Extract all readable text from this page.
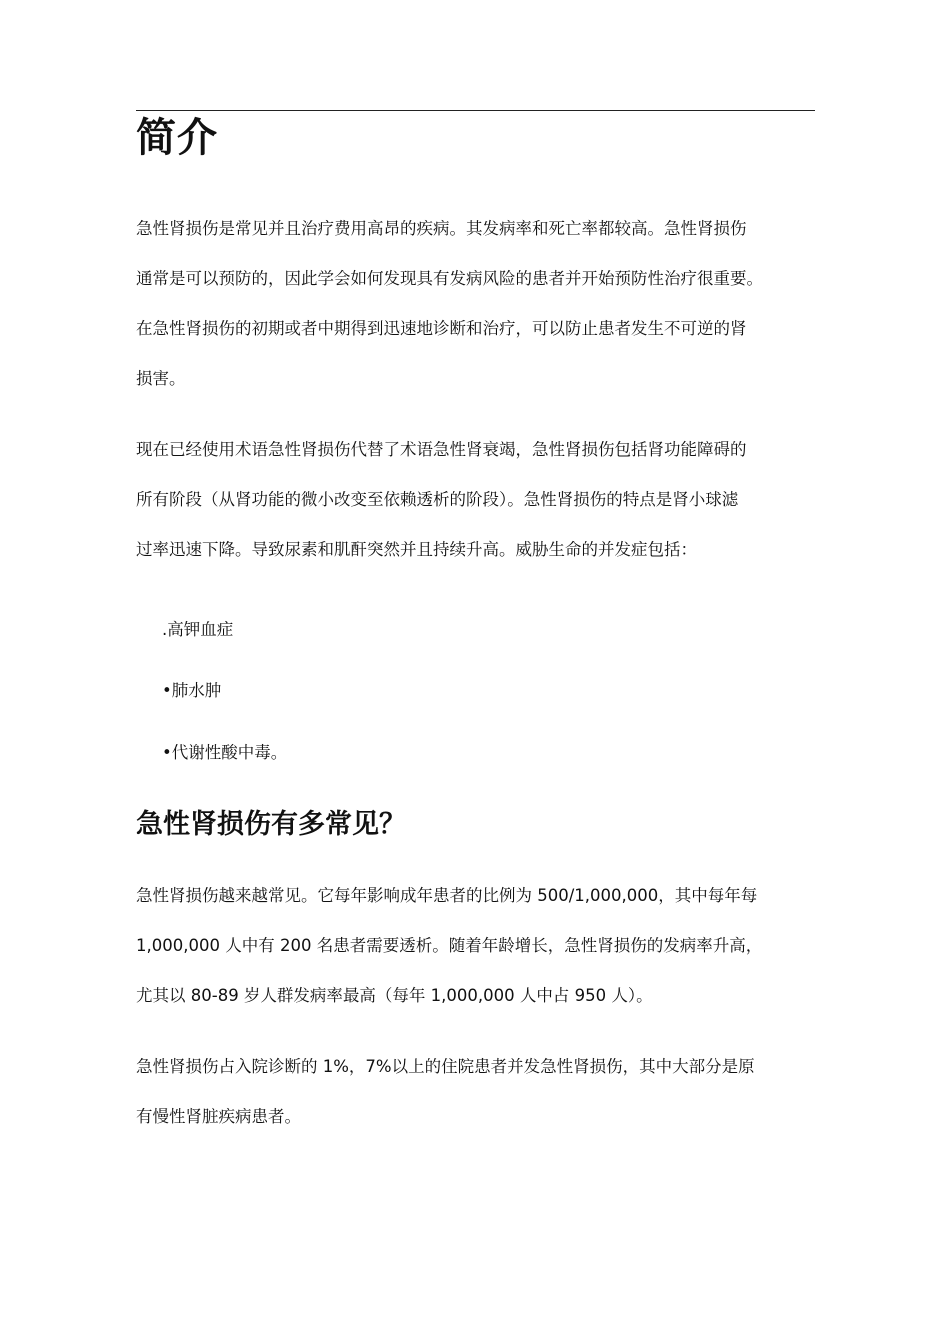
简介
急性肾损伤是常见并且治疗费用高昂的疾病。其发病率和死亡率都较高。急性肾损伤
通常是可以预防的，因此学会如何发现具有发病风险的患者并开始预防性治疗很重要。
在急性肾损伤的初期或者中期得到迅速地诊断和治疗，可以防止患者发生不可逆的肾
损害。
现在已经使用术语急性肾损伤代替了术语急性肾衰竭，急性肾损伤包括肾功能障碍的
所有阶段（从肾功能的微小改变至依赖透析的阶段）。急性肾损伤的特点是肾小球滤
过率迅速下降。导致尿素和肌酐突然并且持续升高。威胁生命的并发症包括：

.高钾血症

•肺水肿

•代谢性酸中毒。

急性肾损伤有多常见？
急性肾损伤越来越常见。它每年影响成年患者的比例为 500/1,000,000，其中每年每
1,000,000 人中有 200 名患者需要透析。随着年龄增长，急性肾损伤的发病率升高，
尤其以 80-89 岁人群发病率最高（每年 1,000,000 人中占 950 人）。
急性肾损伤占入院诊断的 1%，7%以上的住院患者并发急性肾损伤，其中大部分是原
有慢性肾脏疾病患者。
